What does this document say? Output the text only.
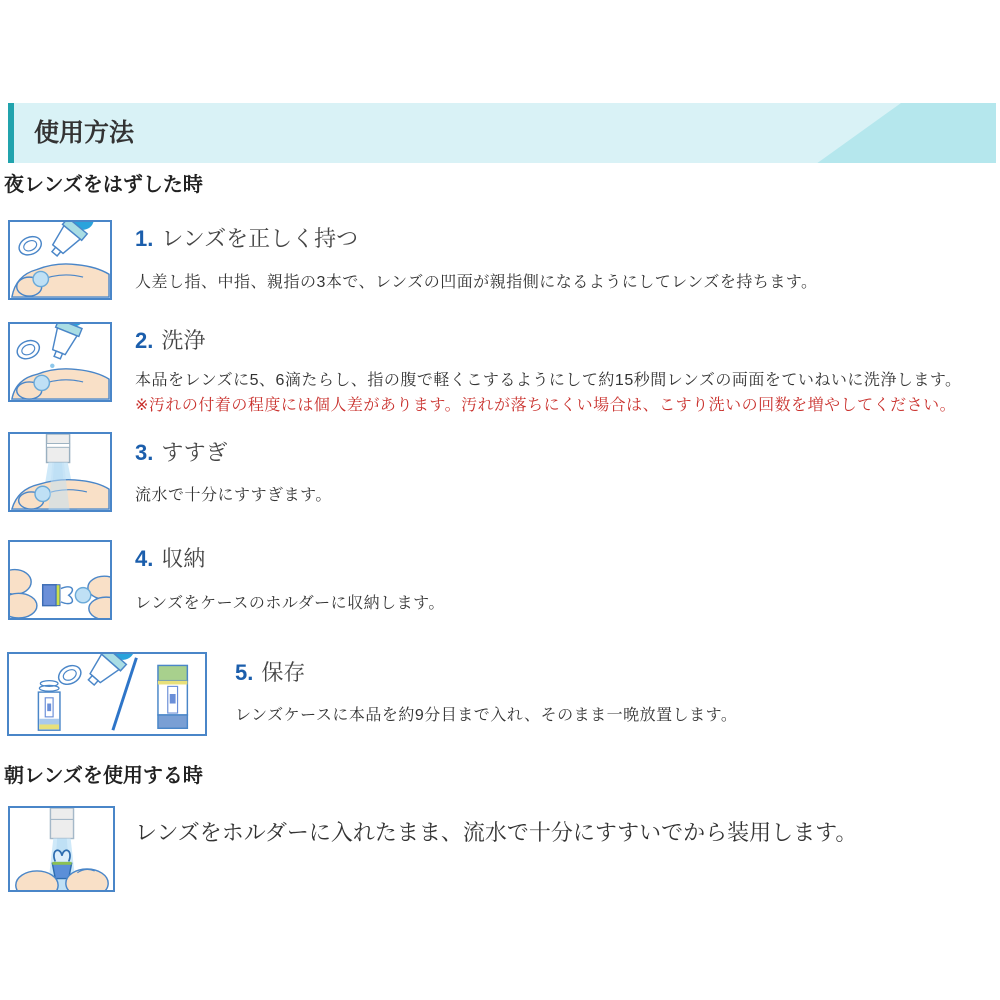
使用方法
夜レンズをはずした時
1. レンズを正しく持つ
人差し指、中指、親指の3本で、レンズの凹面が親指側になるようにしてレンズを持ちます。
2. 洗浄
本品をレンズに5、6滴たらし、指の腹で軽くこするようにして約15秒間レンズの両面をていねいに洗浄します。
※汚れの付着の程度には個人差があります。汚れが落ちにくい場合は、こすり洗いの回数を増やしてください。
3. すすぎ
流水で十分にすすぎます。
4. 収納
レンズをケースのホルダーに収納します。
5. 保存
レンズケースに本品を約9分目まで入れ、そのまま一晩放置します。
朝レンズを使用する時
レンズをホルダーに入れたまま、流水で十分にすすいでから装用します。
